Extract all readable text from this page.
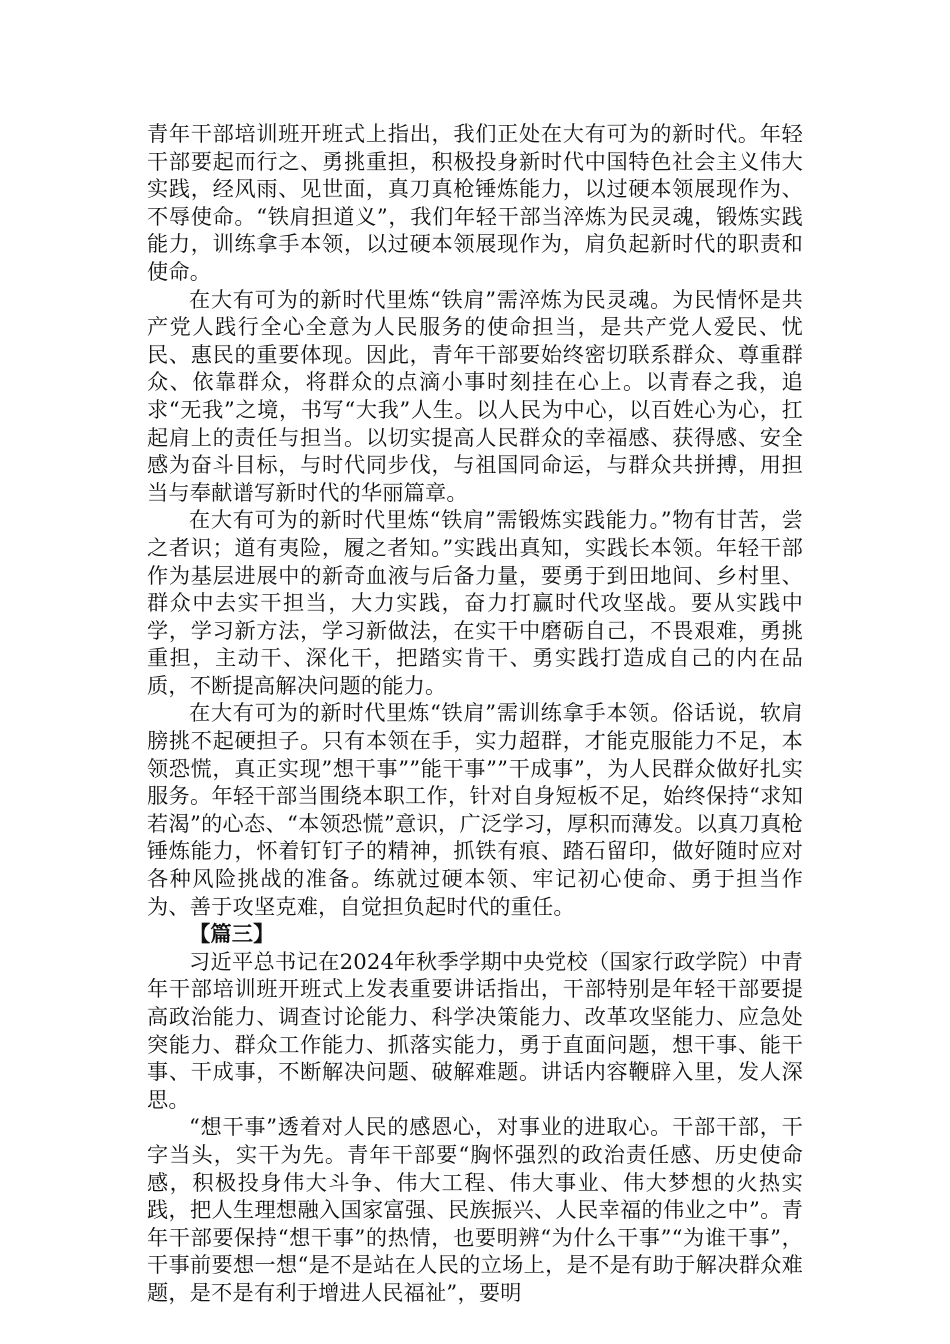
青年干部培训班开班式上指出，我们正处在大有可为的新时代。年轻干部要起而行之、勇挑重担，积极投身新时代中国特色社会主义伟大实践，经风雨、见世面，真刀真枪锤炼能力，以过硬本领展现作为、不辱使命。“铁肩担道义”，我们年轻干部当淬炼为民灵魂，锻炼实践能力，训练拿手本领，以过硬本领展现作为，肩负起新时代的职责和使命。

在大有可为的新时代里炼“铁肩”需淬炼为民灵魂。为民情怀是共产党人践行全心全意为人民服务的使命担当，是共产党人爱民、忧民、惠民的重要体现。因此，青年干部要始终密切联系群众、尊重群众、依靠群众，将群众的点滴小事时刻挂在心上。以青春之我，追求“无我”之境，书写“大我”人生。以人民为中心，以百姓心为心，扛起肩上的责任与担当。以切实提高人民群众的幸福感、获得感、安全感为奋斗目标，与时代同步伐，与祖国同命运，与群众共拼搏，用担当与奉献谱写新时代的华丽篇章。

在大有可为的新时代里炼“铁肩”需锻炼实践能力。”物有甘苦，尝之者识；道有夷险，履之者知。”实践出真知，实践长本领。年轻干部作为基层进展中的新奇血液与后备力量，要勇于到田地间、乡村里、群众中去实干担当，大力实践，奋力打赢时代攻坚战。要从实践中学，学习新方法，学习新做法，在实干中磨砺自己，不畏艰难，勇挑重担，主动干、深化干，把踏实肯干、勇实践打造成自己的内在品质，不断提高解决问题的能力。

在大有可为的新时代里炼“铁肩”需训练拿手本领。俗话说，软肩膀挑不起硬担子。只有本领在手，实力超群，才能克服能力不足，本领恐慌，真正实现”想干事””能干事””干成事”，为人民群众做好扎实服务。年轻干部当围绕本职工作，针对自身短板不足，始终保持“求知若渴”的心态、“本领恐慌”意识，广泛学习，厚积而薄发。以真刀真枪锤炼能力，怀着钉钉子的精神，抓铁有痕、踏石留印，做好随时应对各种风险挑战的准备。练就过硬本领、牢记初心使命、勇于担当作为、善于攻坚克难，自觉担负起时代的重任。

【篇三】

习近平总书记在2024年秋季学期中央党校（国家行政学院）中青年干部培训班开班式上发表重要讲话指出，干部特别是年轻干部要提高政治能力、调查讨论能力、科学决策能力、改革攻坚能力、应急处突能力、群众工作能力、抓落实能力，勇于直面问题，想干事、能干事、干成事，不断解决问题、破解难题。讲话内容鞭辟入里，发人深思。

“想干事”透着对人民的感恩心，对事业的进取心。干部干部，干字当头，实干为先。青年干部要“胸怀强烈的政治责任感、历史使命感，积极投身伟大斗争、伟大工程、伟大事业、伟大梦想的火热实践，把人生理想融入国家富强、民族振兴、人民幸福的伟业之中”。青年干部要保持“想干事”的热情，也要明辨“为什么干事”“为谁干事”，干事前要想一想“是不是站在人民的立场上，是不是有助于解决群众难题，是不是有利于增进人民福祉”，要明
